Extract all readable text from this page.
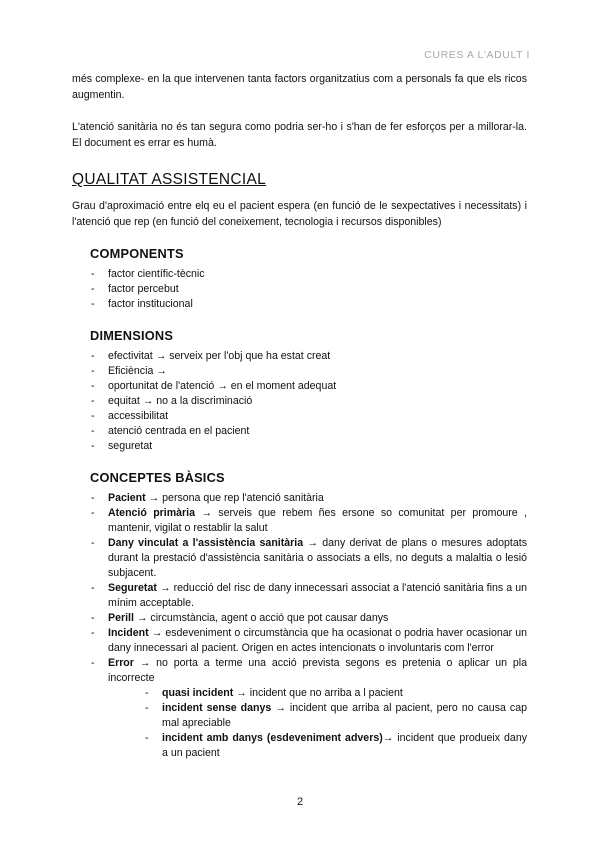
CURES A L'ADULT I

més complexe- en la que intervenen tanta factors organitzatius com a personals fa que els ricos augmentin.

L'atenció sanitària no és tan segura como podria ser-ho i s'han de fer esforços per a millorar-la. El document es errar es humà.

QUALITAT ASSISTENCIAL

Grau d'aproximació entre elq eu el pacient espera (en funció de le sexpectatives i necessitats) i l'atenció que rep (en funció del coneixement, tecnologia i recursos disponibles)

COMPONENTS
- factor científic-tècnic
- factor percebut
- factor institucional
DIMENSIONS
- efectivitat → serveix per l'obj que ha estat creat
- Eficiència →
- oportunitat de l'atenció → en el moment adequat
- equitat → no a la discriminació
- accessibilitat
- atenció centrada en el pacient
- seguretat
CONCEPTES BÀSICS
- Pacient → persona que rep l'atenció sanitària
- Atenció primària → serveis que rebem ñes ersone so comunitat per promoure , mantenir, vigilat o restablir la salut
- Dany vinculat a l'assistència sanitària → dany derivat de plans o mesures adoptats durant la prestació d'assistència sanitària o associats a ells, no deguts a malaltia o lesió subjacent.
- Seguretat → reducció del risc de dany innecessari associat a l'atenció sanitària fins a un mínim acceptable.
- Perill → circumstància, agent o acció que pot causar danys
- Incident → esdeveniment o circumstància que ha ocasionat o podria haver ocasionar un dany innecessari al pacient. Origen en actes intencionats o involuntaris com l'error
- Error → no porta a terme una acció prevista segons es pretenia o aplicar un pla incorrecte
- quasi incident → incident que no arriba a l pacient
- incident sense danys → incident que arriba al pacient, pero no causa cap mal apreciable
- incident amb danys (esdeveniment advers)→ incident que produeix dany a un pacient
2
